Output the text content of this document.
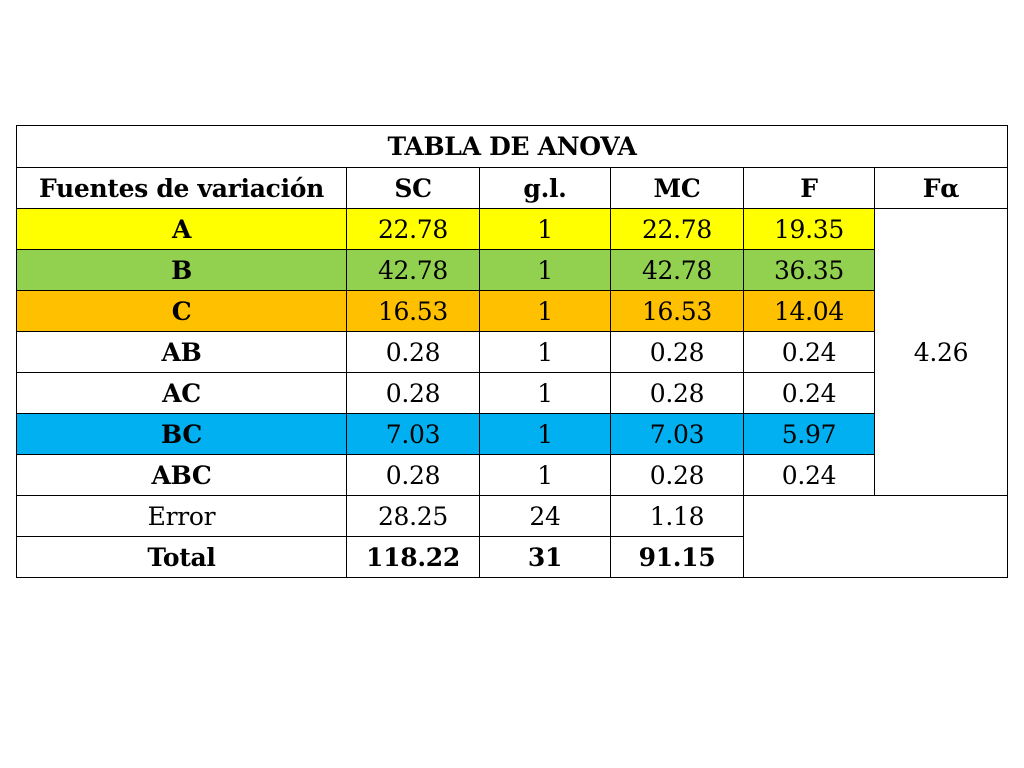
TABLA DE ANOVA					
Fuentes de variación	SC	g.l.	MC	F	Fα
A	22.78	1	22.78	19.35	4.26
B	42.78	1	42.78	36.35	
C	16.53	1	16.53	14.04	
AB	0.28	1	0.28	0.24	
AC	0.28	1	0.28	0.24	
BC	7.03	1	7.03	5.97	
ABC	0.28	1	0.28	0.24	
Error	28.25	24	1.18		
Total	118.22	31	91.15		
